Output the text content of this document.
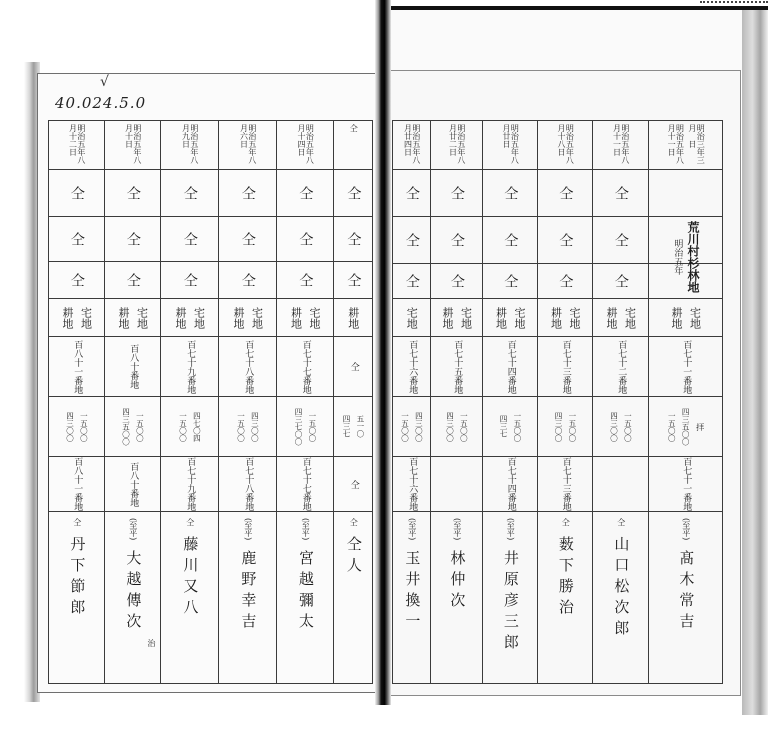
√
40.024.5.0
仝
仝
仝
仝
耕地
仝
四三七 五一〇
仝
仝
仝人
明治五年八月十四日
仝
仝
仝
耕地 宅地
百七十七番地
四三七〇〇 一五〇〇
百七十七番地
(至平)
宮越彌太
明治五年八月六日
仝
仝
仝
耕地 宅地
百七十八番地
一五〇〇 四三〇〇
百七十八番地
(至平)
鹿野幸吉
明治五年八月九日
仝
仝
仝
耕地 宅地
百七十九番地
一五〇〇 四七〇四
百七十九番地
仝
藤川又八
明治五年八月十日
仝
仝
仝
耕地 宅地
百八十番地
四三五〇〇 一五〇〇
百八十番地
(至平)
大越傳次
治
明治五年八月十二日
仝
仝
仝
耕地 宅地
百八十一番地
四三〇〇 一五〇〇
百八十一番地
仝
丹下節郎
明治五年八月十一日	明治三年三月　日
耕地 宅地
百七十一番地
一五〇〇 四三五〇〇 拝
百七十一番地
(至平)
髙木常吉
明治五年 荒川村杉林地
明治五年八月十一日
仝
仝
仝
耕地 宅地
百七十二番地
四三〇〇 一五〇〇
仝
山口松次郎
明治五年八月十八日
仝
仝
仝
耕地 宅地
百七十三番地
四三〇〇 一五〇〇
百七十三番地
仝
薮下勝治
明治五年八月廿日
仝
仝
仝
耕地 宅地
百七十四番地
四三七 一五〇〇
百七十四番地
(至平)
井原彦三郎
明治五年八月廿二日
仝
仝
仝
耕地 宅地
百七十五番地
四三〇〇 一五〇〇
(至平)
林仲次
明治五年八月廿四日
仝
仝
仝
宅地
百七十六番地
一五〇〇 四三〇〇
百七十六番地
(至平)
玉井換一
